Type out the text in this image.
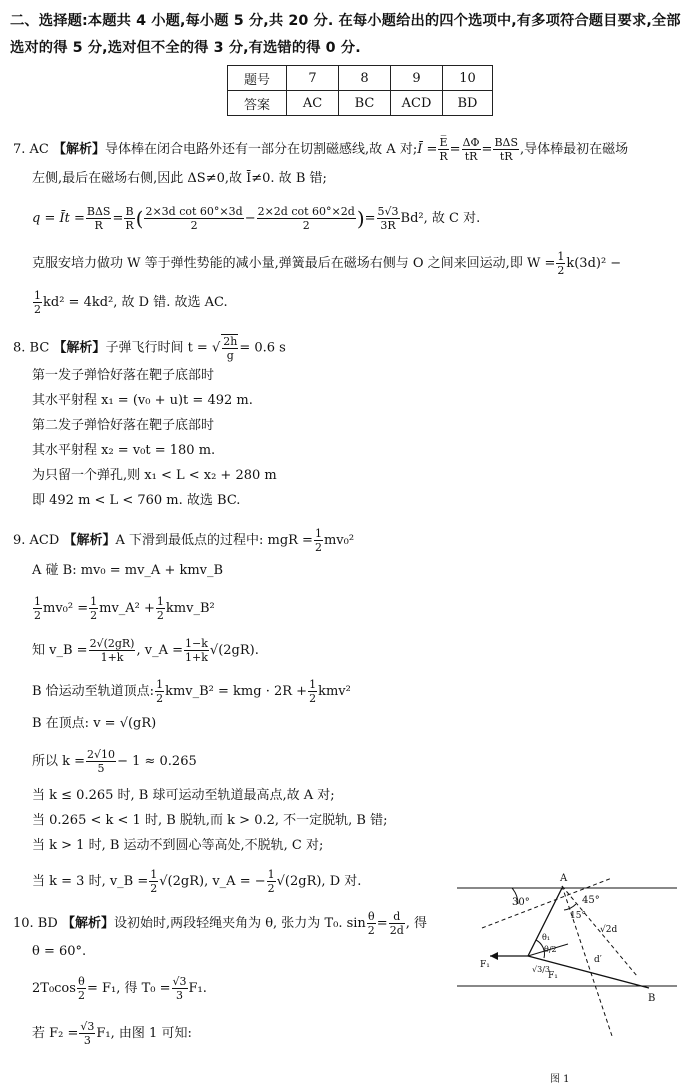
二、选择题:本题共 4 小题,每小题 5 分,共 20 分. 在每小题给出的四个选项中,有多项符合题目要求,全部选对的得 5 分,选对但不全的得 3 分,有选错的得 0 分.
题号	7	8	9	10
答案	AC	BC	ACD	BD
7. AC 【解析】导体棒在闭合电路外还有一部分在切割磁感线,故 A 对;Ī = $\frac{E̅}{R} = \frac{\Delta\Phi}{tR} = \frac{\text{BΔS}}{tR}$ ,导体棒最初在磁场
左侧,最后在磁场右侧,因此 ΔS≠0,故 Ī≠0. 故 B 错;
q = Īt = $\frac{\text{BΔS}}{R} = \frac{B}{R}$ ( $\frac{\text{2×3d cot 60°×3d}}{2} - \frac{\text{2×2d cot 60°×2d}}{2}$ )= $\frac{5√3}{3R} Bd^2$, 故 C 对.
克服安培力做功 W 等于弹性势能的减小量,弹簧最后在磁场右侧与 O 之间来回运动,即 $W = \frac{1}{2} k(3d)^2$ −
$\frac{1}{2} kd^2 = 4kd^2$, 故 D 错. 故选 AC.
8. BC 【解析】子弹飞行时间 t = √ $\frac{2h}{g} = 0.6$ s
第一发子弹恰好落在靶子底部时
其水平射程 x₁ = (v₀ + u)t = 492 m.
第二发子弹恰好落在靶子底部时
其水平射程 x₂ = v₀t = 180 m.
为只留一个弹孔,则 x₁ < L < x₂ + 280 m
即 492 m < L < 760 m. 故选 BC.
9. ACD 【解析】A 下滑到最低点的过程中: mgR = $\frac{1}{2} mv_0^2$
A 碰 B: mv₀ = mv_A + kmv_B
$\frac{1}{2} mv_0^2 = \frac{1}{2}$ mv_A² + $\frac{1}{2}$ kmv_B²
知 v_B = $\frac{2√(2gR)}{1+k}$ , v_A = $\frac{1-k}{1+k} √(2gR)$.
B 恰运动至轨道顶点: $\frac{1}{2}$ kmv_B² = kmg · $2R + \frac{1}{2} kmv^2$
B 在顶点: v = √(gR)
所以 $k = \frac{2√10}{5} - 1 \approx 0.265$
当 k ≤ 0.265 时, B 球可运动至轨道最高点,故 A 对;
当 0.265 < k < 1 时, B 脱轨,而 k > 0.2, 不一定脱轨, B 错;
当 k > 1 时, B 运动不到圆心等高处,不脱轨, C 对;
当 k = 3 时, v_B = $\frac{1}{2} √(2gR)$, v_A = − $\frac{1}{2} √(2gR)$, D 对.
10. BD 【解析】设初始时,两段轻绳夹角为 θ, 张力为 T₀. $\sin \frac{\theta}{2} = \frac{d}{2d}$ , 得
θ = 60°.
$2T_0\cos \frac{\theta}{2} = F_1$, 得 $T_0 = \frac{√3}{3} F_1$.
若 $F_2 = \frac{√3}{3} F_1$, 由图 1 可知:
A
B
30°	45°
15°
√2d
d′
F₁
F₁
θ₁
θ/2
√3/3
图 1
